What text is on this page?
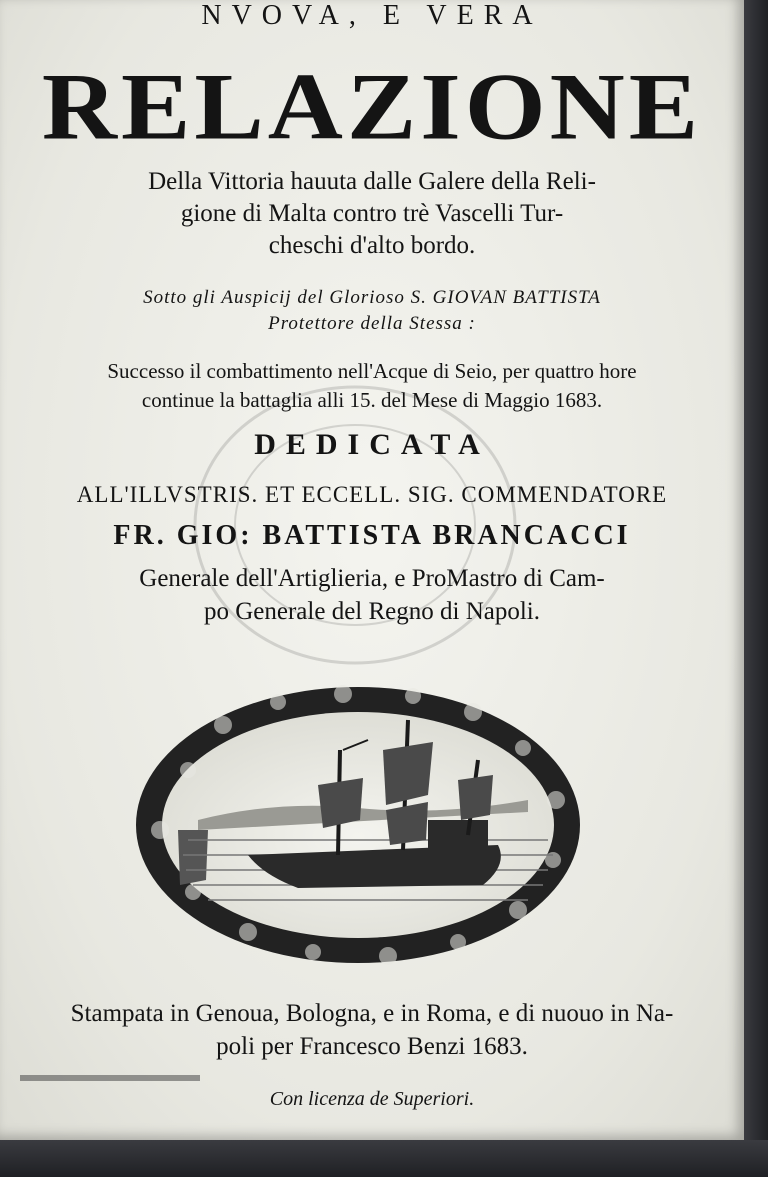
NVOVA, E VERA
RELAZIONE
Della Vittoria hauuta dalle Galere della Reli-
gione di Malta contro trè Vascelli Tur-
cheschi d'alto bordo.
Sotto gli Auspicij del Glorioso S. GIOVAN BATTISTA
Protettore della Stessa :
Successo il combattimento nell'Acque di Seio, per quattro hore
continue la battaglia alli 15. del Mese di Maggio 1683.
DEDICATA
ALL'ILLVSTRIS. ET ECCELL. SIG. COMMENDATORE
FR. GIO: BATTISTA BRANCACCI
Generale dell'Artiglieria, e ProMastro di Cam-
po Generale del Regno di Napoli.
Stampata in Genoua, Bologna, e in Roma, e di nuouo in Na-
poli per Francesco Benzi 1683.
Con licenza de Superiori.
